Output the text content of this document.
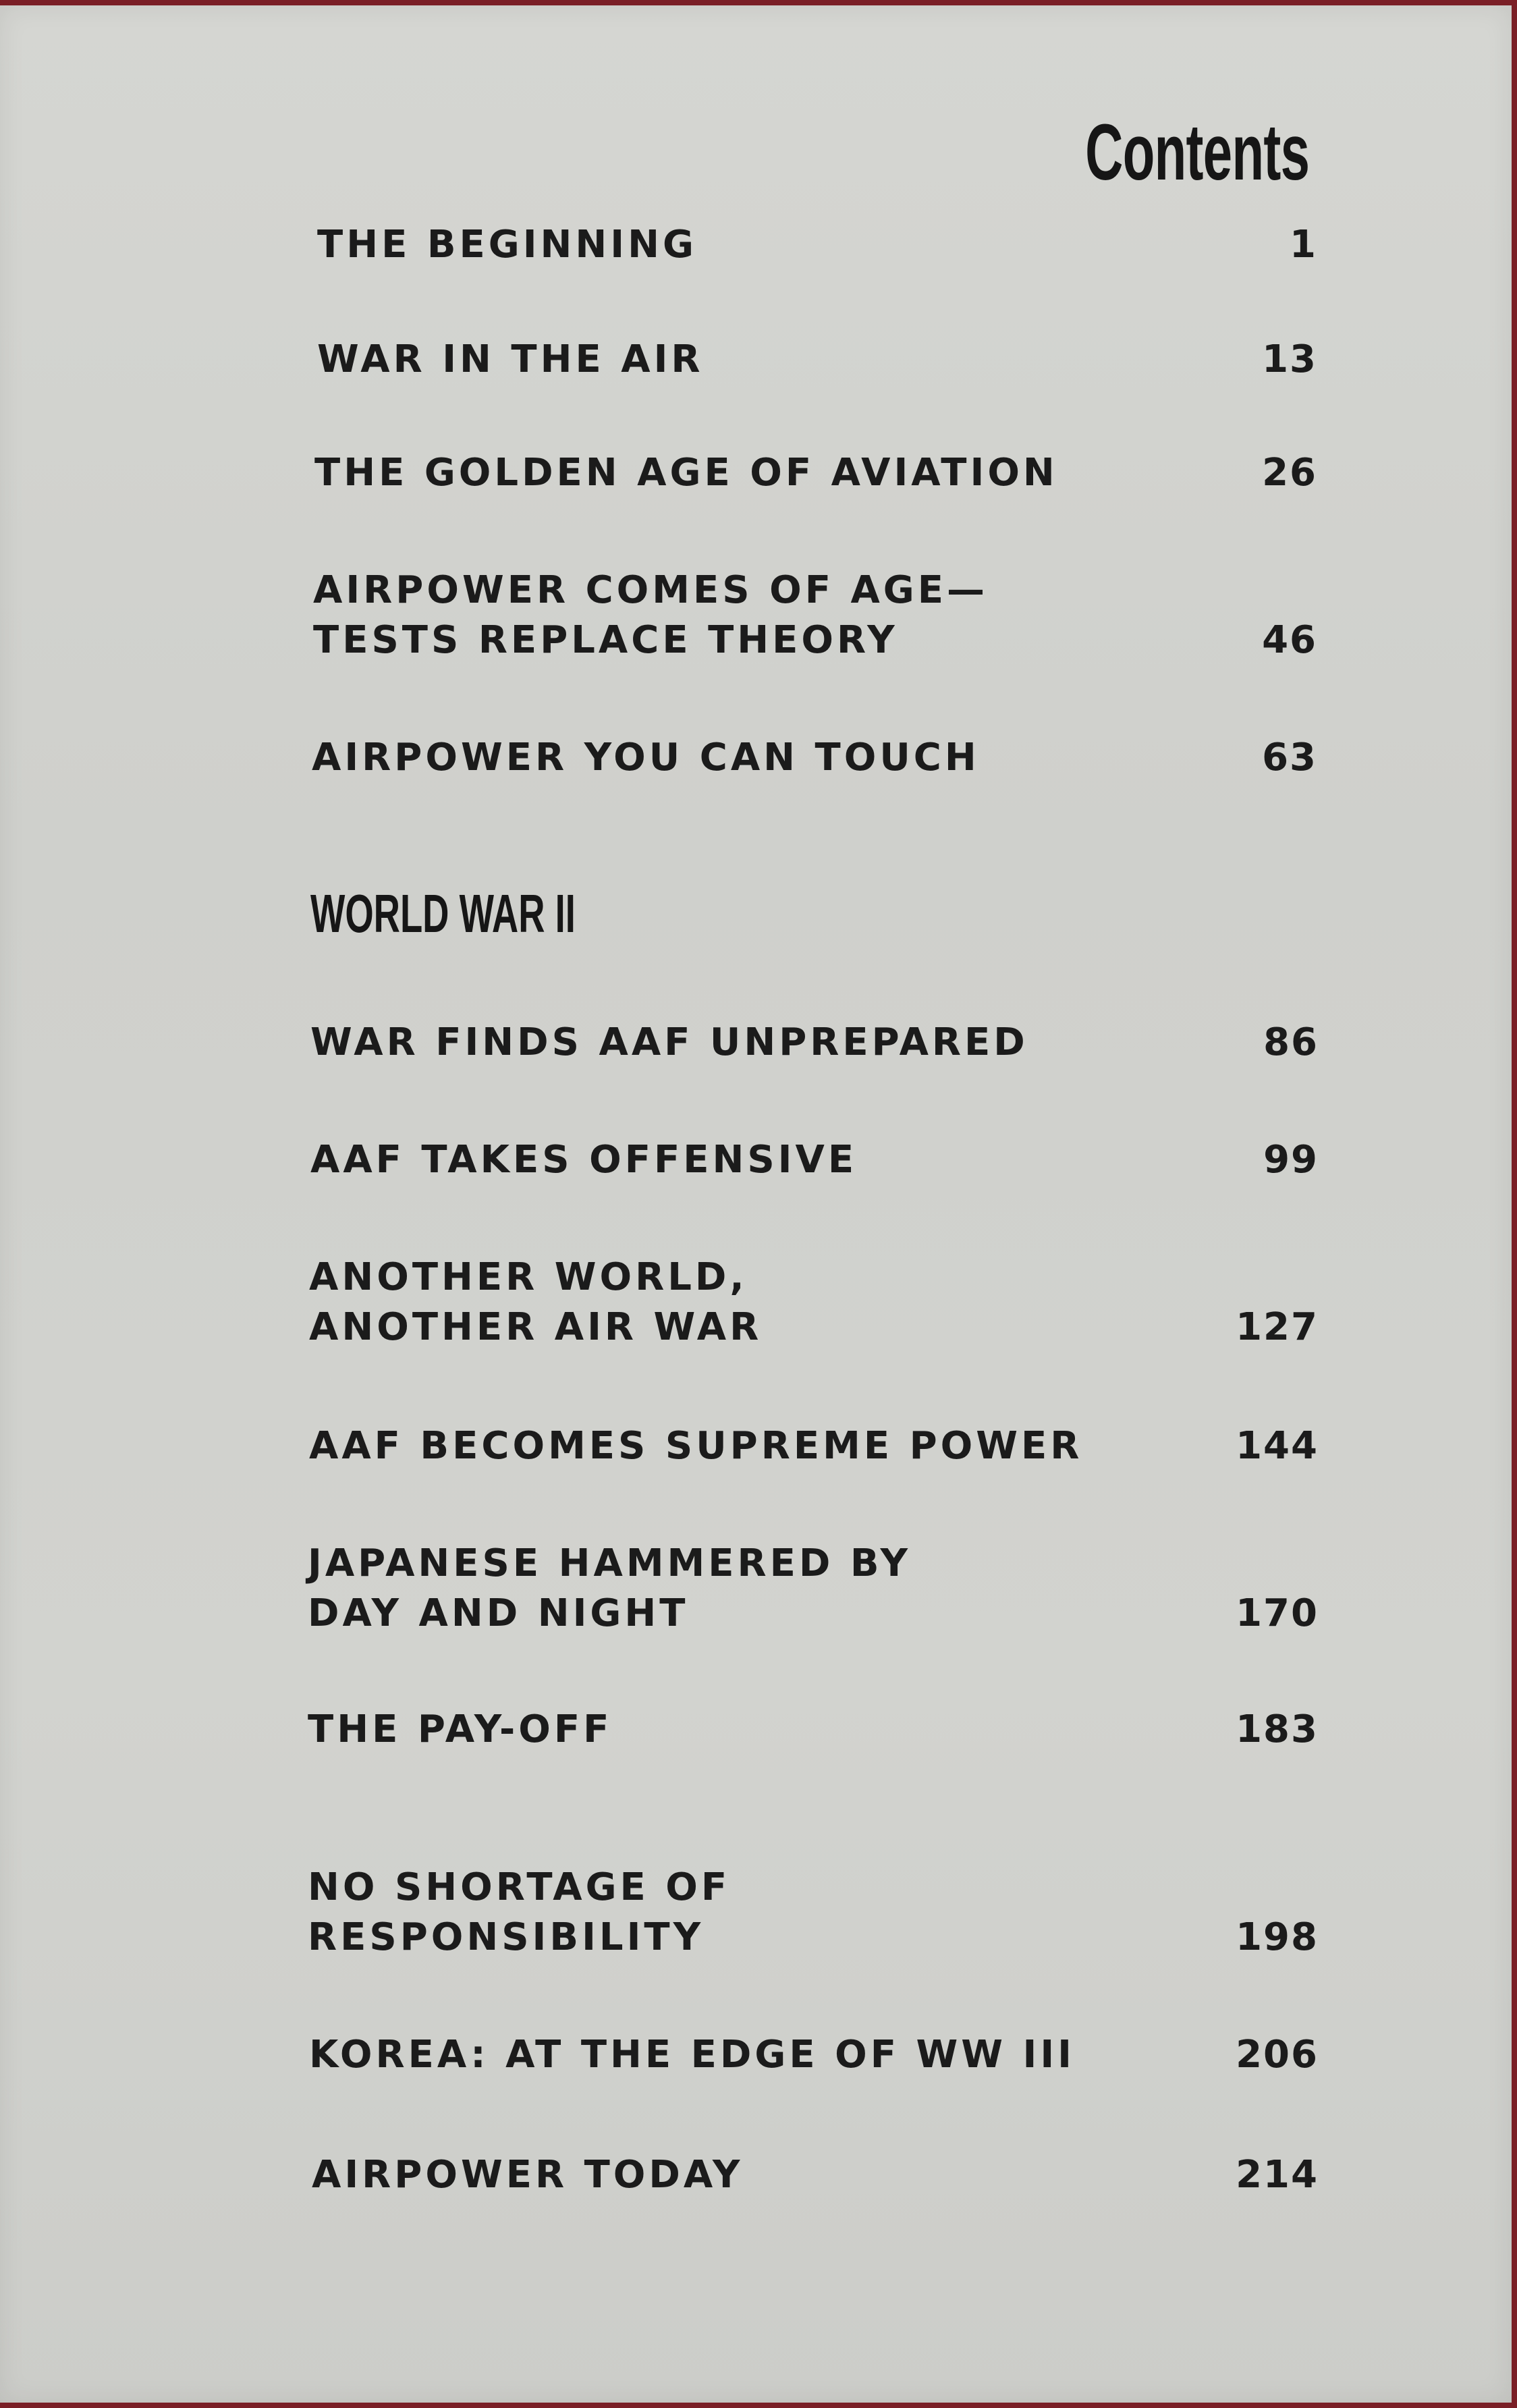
Contents
THE BEGINNING	1
WAR IN THE AIR	13
THE GOLDEN AGE OF AVIATION	26
AIRPOWER COMES OF AGE—
TESTS REPLACE THEORY	46
AIRPOWER YOU CAN TOUCH	63
WORLD WAR II
WAR FINDS AAF UNPREPARED	86
AAF TAKES OFFENSIVE	99
ANOTHER WORLD,
ANOTHER AIR WAR	127
AAF BECOMES SUPREME POWER	144
JAPANESE HAMMERED BY
DAY AND NIGHT	170
THE PAY-OFF	183
NO SHORTAGE OF
RESPONSIBILITY	198
KOREA: AT THE EDGE OF WW III	206
AIRPOWER TODAY	214
